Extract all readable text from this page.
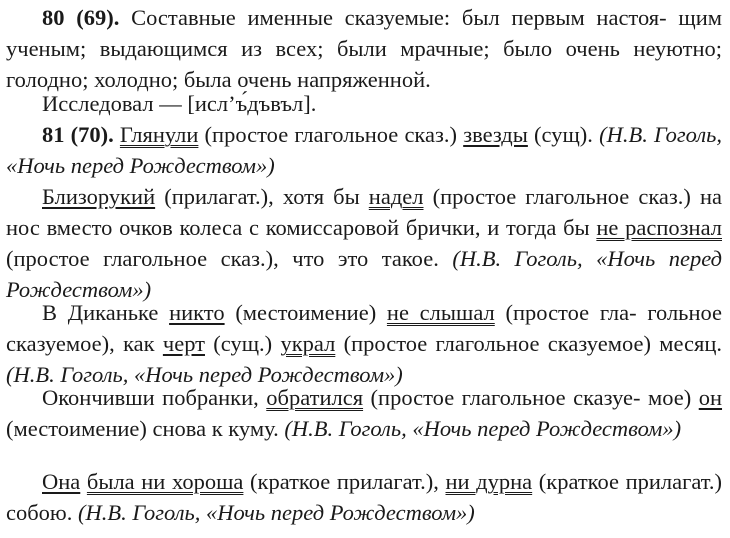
80 (69). Составные именные сказуемые: был первым настоя- щим ученым; выдающимся из всех; были мрачные; было очень неуютно; голодно; холодно; была очень напряженной.
Исследовал — [исл’ъ́дъвъл].
81 (70). Глянули (простое глагольное сказ.) звезды (сущ). (Н.В. Гоголь, «Ночь перед Рождеством»)
Близорукий (прилагат.), хотя бы надел (простое глагольное сказ.) на нос вместо очков колеса с комиссаровой брички, и тогда бы не распознал (простое глагольное сказ.), что это такое. (Н.В. Гоголь, «Ночь перед Рождеством»)
В Диканьке никто (местоимение) не слышал (простое гла- гольное сказуемое), как черт (сущ.) украл (простое глагольное сказуемое) месяц. (Н.В. Гоголь, «Ночь перед Рождеством»)
Окончивши побранки, обратился (простое глагольное сказуе- мое) он (местоимение) снова к куму. (Н.В. Гоголь, «Ночь перед Рождеством»)
Она была ни хороша (краткое прилагат.), ни дурна (краткое прилагат.) собою. (Н.В. Гоголь, «Ночь перед Рождеством»)
